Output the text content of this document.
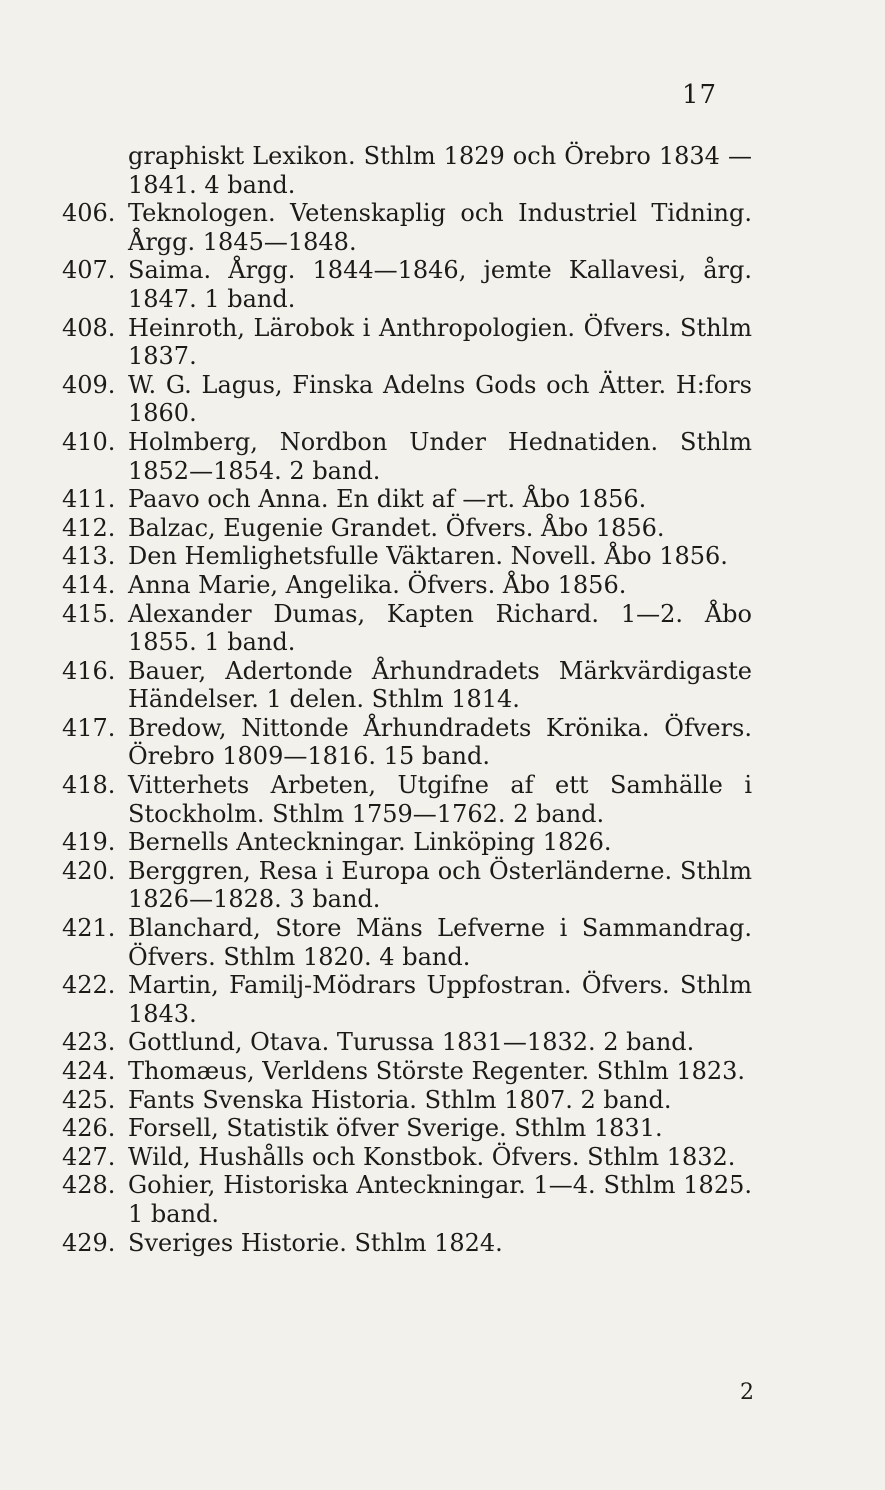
17
graphiskt Lexikon. Sthlm 1829 och Örebro 1834 —1841. 4 band.
406. Teknologen. Vetenskaplig och Industriel Tidning. Årgg. 1845—1848.
407. Saima. Årgg. 1844—1846, jemte Kallavesi, årg. 1847. 1 band.
408. Heinroth, Lärobok i Anthropologien. Öfvers. Sthlm 1837.
409. W. G. Lagus, Finska Adelns Gods och Ätter. H:fors 1860.
410. Holmberg, Nordbon Under Hednatiden. Sthlm 1852—1854. 2 band.
411. Paavo och Anna. En dikt af —rt. Åbo 1856.
412. Balzac, Eugenie Grandet. Öfvers. Åbo 1856.
413. Den Hemlighetsfulle Väktaren. Novell. Åbo 1856.
414. Anna Marie, Angelika. Öfvers. Åbo 1856.
415. Alexander Dumas, Kapten Richard. 1—2. Åbo 1855. 1 band.
416. Bauer, Adertonde Århundradets Märkvärdigaste Händelser. 1 delen. Sthlm 1814.
417. Bredow, Nittonde Århundradets Krönika. Öfvers. Örebro 1809—1816. 15 band.
418. Vitterhets Arbeten, Utgifne af ett Samhälle i Stockholm. Sthlm 1759—1762. 2 band.
419. Bernells Anteckningar. Linköping 1826.
420. Berggren, Resa i Europa och Österländerne. Sthlm 1826—1828. 3 band.
421. Blanchard, Store Mäns Lefverne i Sammandrag. Öfvers. Sthlm 1820. 4 band.
422. Martin, Familj-Mödrars Uppfostran. Öfvers. Sthlm 1843.
423. Gottlund, Otava. Turussa 1831—1832. 2 band.
424. Thomæus, Verldens Störste Regenter. Sthlm 1823.
425. Fants Svenska Historia. Sthlm 1807. 2 band.
426. Forsell, Statistik öfver Sverige. Sthlm 1831.
427. Wild, Hushålls och Konstbok. Öfvers. Sthlm 1832.
428. Gohier, Historiska Anteckningar. 1—4. Sthlm 1825. 1 band.
429. Sveriges Historie. Sthlm 1824.
2
